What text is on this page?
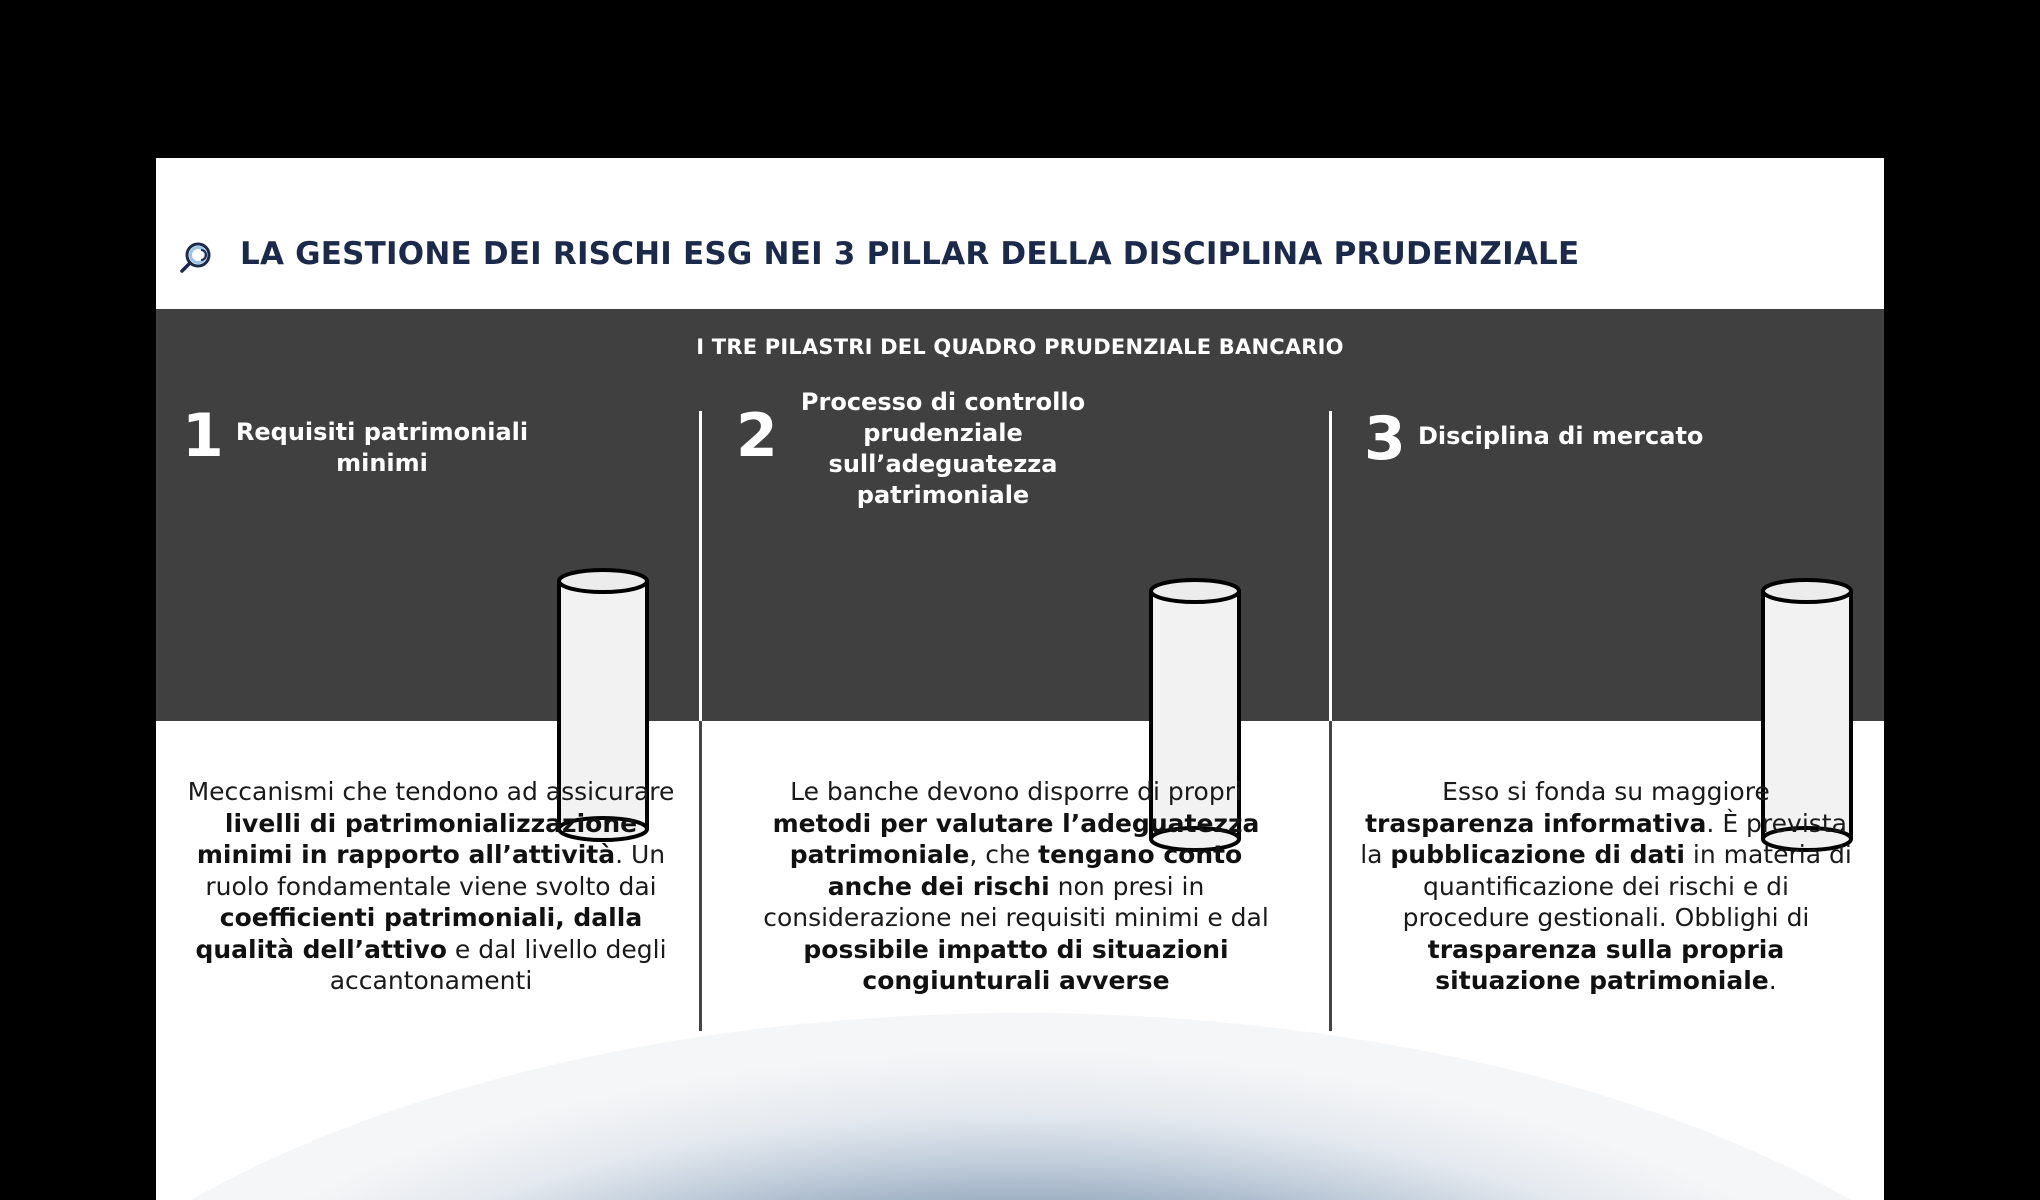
LA GESTIONE DEI RISCHI ESG NEI 3 PILLAR DELLA DISCIPLINA PRUDENZIALE
I TRE PILASTRI DEL QUADRO PRUDENZIALE BANCARIO
1 Requisiti patrimoniali
minimi	2 Processo di controllo
prudenziale
sull’adeguatezza
patrimoniale
3 Disciplina di mercato
Meccanismi che tendono ad assicurare livelli di patrimonializzazione minimi in rapporto all’attività. Un ruolo fondamentale viene svolto dai coefficienti patrimoniali, dalla qualità dell’attivo e dal livello degli accantonamenti
Le banche devono disporre di propri metodi per valutare l’adeguatezza patrimoniale, che tengano conto anche dei rischi non presi in considerazione nei requisiti minimi e dal possibile impatto di situazioni congiunturali avverse
Esso si fonda su maggiore trasparenza informativa. È prevista la pubblicazione di dati in materia di quantificazione dei rischi e di procedure gestionali. Obblighi di trasparenza sulla propria situazione patrimoniale.
